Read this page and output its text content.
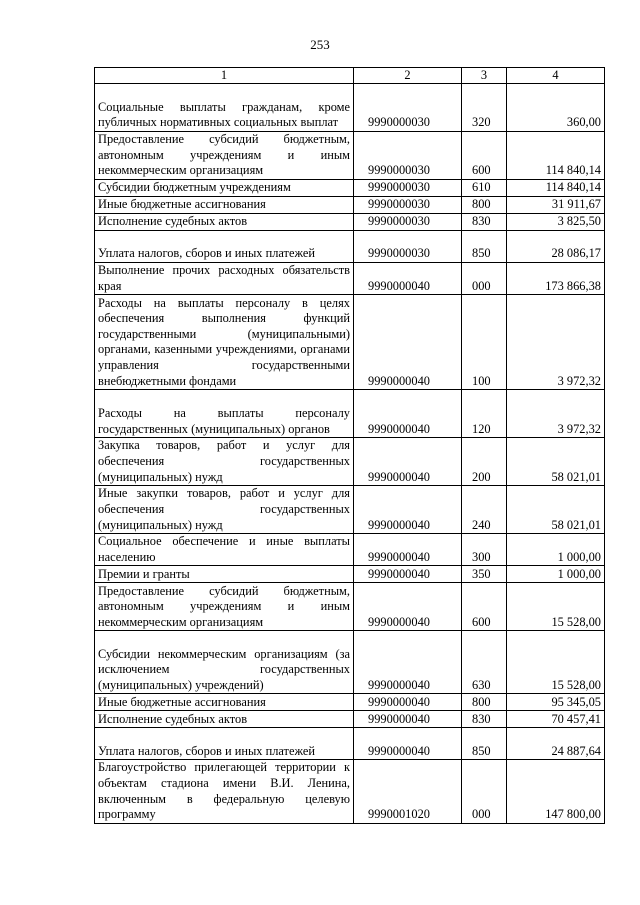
253
1	2	3	4
Социальные выплаты гражданам, кроме публичных нормативных социальных выплат	9990000030	320	360,00
Предоставление субсидий бюджетным, автономным учреждениям и иным некоммерческим организациям	9990000030	600	114 840,14
Субсидии бюджетным учреждениям	9990000030	610	114 840,14
Иные бюджетные ассигнования	9990000030	800	31 911,67
Исполнение судебных актов	9990000030	830	3 825,50
Уплата налогов, сборов и иных платежей	9990000030	850	28 086,17
Выполнение прочих расходных обязательств края	9990000040	000	173 866,38
Расходы на выплаты персоналу в целях обеспечения выполнения функций государственными (муниципальными) органами, казенными учреждениями, органами управления государственными внебюджетными фондами	9990000040	100	3 972,32
Расходы на выплаты персоналу государственных (муниципальных) органов	9990000040	120	3 972,32
Закупка товаров, работ и услуг для обеспечения государственных (муниципальных) нужд	9990000040	200	58 021,01
Иные закупки товаров, работ и услуг для обеспечения государственных (муниципальных) нужд	9990000040	240	58 021,01
Социальное обеспечение и иные выплаты населению	9990000040	300	1 000,00
Премии и гранты	9990000040	350	1 000,00
Предоставление субсидий бюджетным, автономным учреждениям и иным некоммерческим организациям	9990000040	600	15 528,00
Субсидии некоммерческим организациям (за исключением государственных (муниципальных) учреждений)	9990000040	630	15 528,00
Иные бюджетные ассигнования	9990000040	800	95 345,05
Исполнение судебных актов	9990000040	830	70 457,41
Уплата налогов, сборов и иных платежей	9990000040	850	24 887,64
Благоустройство прилегающей территории к объектам стадиона имени В.И. Ленина, включенным в федеральную целевую программу	9990001020	000	147 800,00
